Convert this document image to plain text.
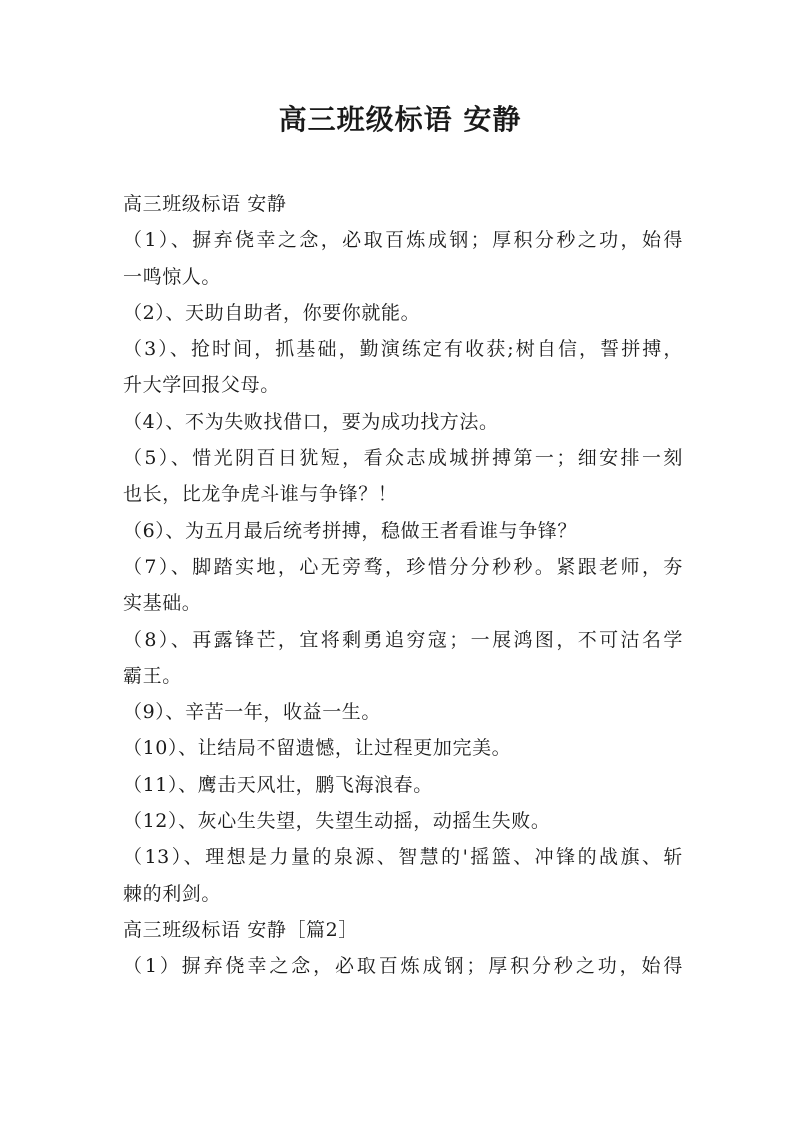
高三班级标语 安静

高三班级标语 安静

（1）、摒弃侥幸之念，必取百炼成钢；厚积分秒之功，始得

一鸣惊人。

（2）、天助自助者，你要你就能。

（3）、抢时间，抓基础，勤演练定有收获;树自信，誓拼搏，

升大学回报父母。

（4）、不为失败找借口，要为成功找方法。

（5）、惜光阴百日犹短，看众志成城拼搏第一；细安排一刻

也长，比龙争虎斗谁与争锋？！

（6）、为五月最后统考拼搏，稳做王者看谁与争锋？

（7）、脚踏实地，心无旁骛，珍惜分分秒秒。紧跟老师，夯

实基础。

（8）、再露锋芒，宜将剩勇追穷寇；一展鸿图，不可沽名学

霸王。

（9）、辛苦一年，收益一生。

（10）、让结局不留遗憾，让过程更加完美。

（11）、鹰击天风壮，鹏飞海浪春。

（12）、灰心生失望，失望生动摇，动摇生失败。

（13）、理想是力量的泉源、智慧的'摇篮、冲锋的战旗、斩

棘的利剑。

高三班级标语 安静［篇2］

（1）摒弃侥幸之念，必取百炼成钢；厚积分秒之功，始得
